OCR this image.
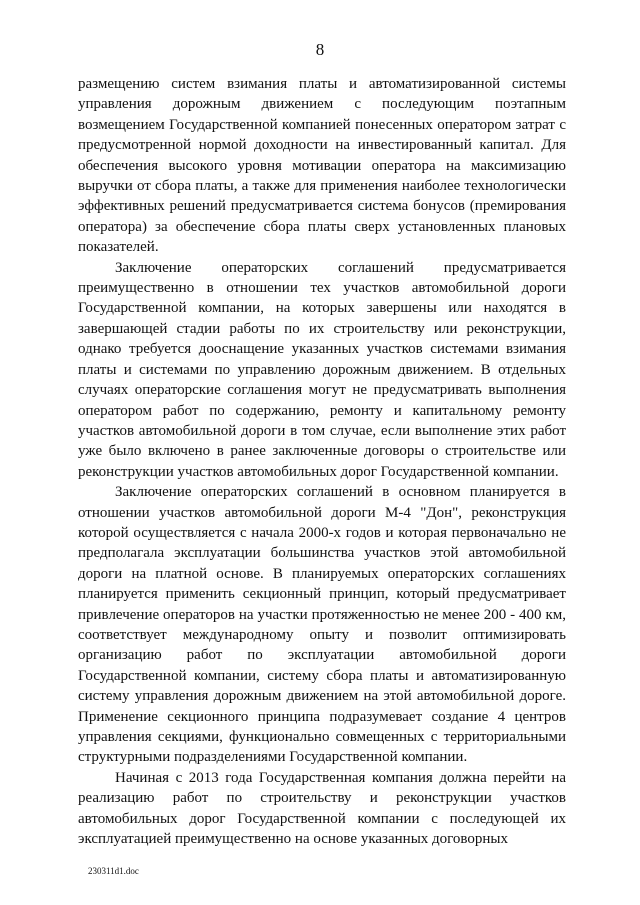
8

размещению систем взимания платы и автоматизированной системы управления дорожным движением с последующим поэтапным возмещением Государственной компанией понесенных оператором затрат с предусмотренной нормой доходности на инвестированный капитал. Для обеспечения высокого уровня мотивации оператора на максимизацию выручки от сбора платы, а также для применения наиболее технологически эффективных решений предусматривается система бонусов (премирования оператора) за обеспечение сбора платы сверх установленных плановых показателей.

Заключение операторских соглашений предусматривается преимущественно в отношении тех участков автомобильной дороги Государственной компании, на которых завершены или находятся в завершающей стадии работы по их строительству или реконструкции, однако требуется дооснащение указанных участков системами взимания платы и системами по управлению дорожным движением. В отдельных случаях операторские соглашения могут не предусматривать выполнения оператором работ по содержанию, ремонту и капитальному ремонту участков автомобильной дороги в том случае, если выполнение этих работ уже было включено в ранее заключенные договоры о строительстве или реконструкции участков автомобильных дорог Государственной компании.

Заключение операторских соглашений в основном планируется в отношении участков автомобильной дороги М-4 "Дон", реконструкция которой осуществляется с начала 2000-х годов и которая первоначально не предполагала эксплуатации большинства участков этой автомобильной дороги на платной основе. В планируемых операторских соглашениях планируется применить секционный принцип, который предусматривает привлечение операторов на участки протяженностью не менее 200 - 400 км, соответствует международному опыту и позволит оптимизировать организацию работ по эксплуатации автомобильной дороги Государственной компании, систему сбора платы и автоматизированную систему управления дорожным движением на этой автомобильной дороге. Применение секционного принципа подразумевает создание 4 центров управления секциями, функционально совмещенных с территориальными структурными подразделениями Государственной компании.

Начиная с 2013 года Государственная компания должна перейти на реализацию работ по строительству и реконструкции участков автомобильных дорог Государственной компании с последующей их эксплуатацией преимущественно на основе указанных договорных

230311d1.doc
